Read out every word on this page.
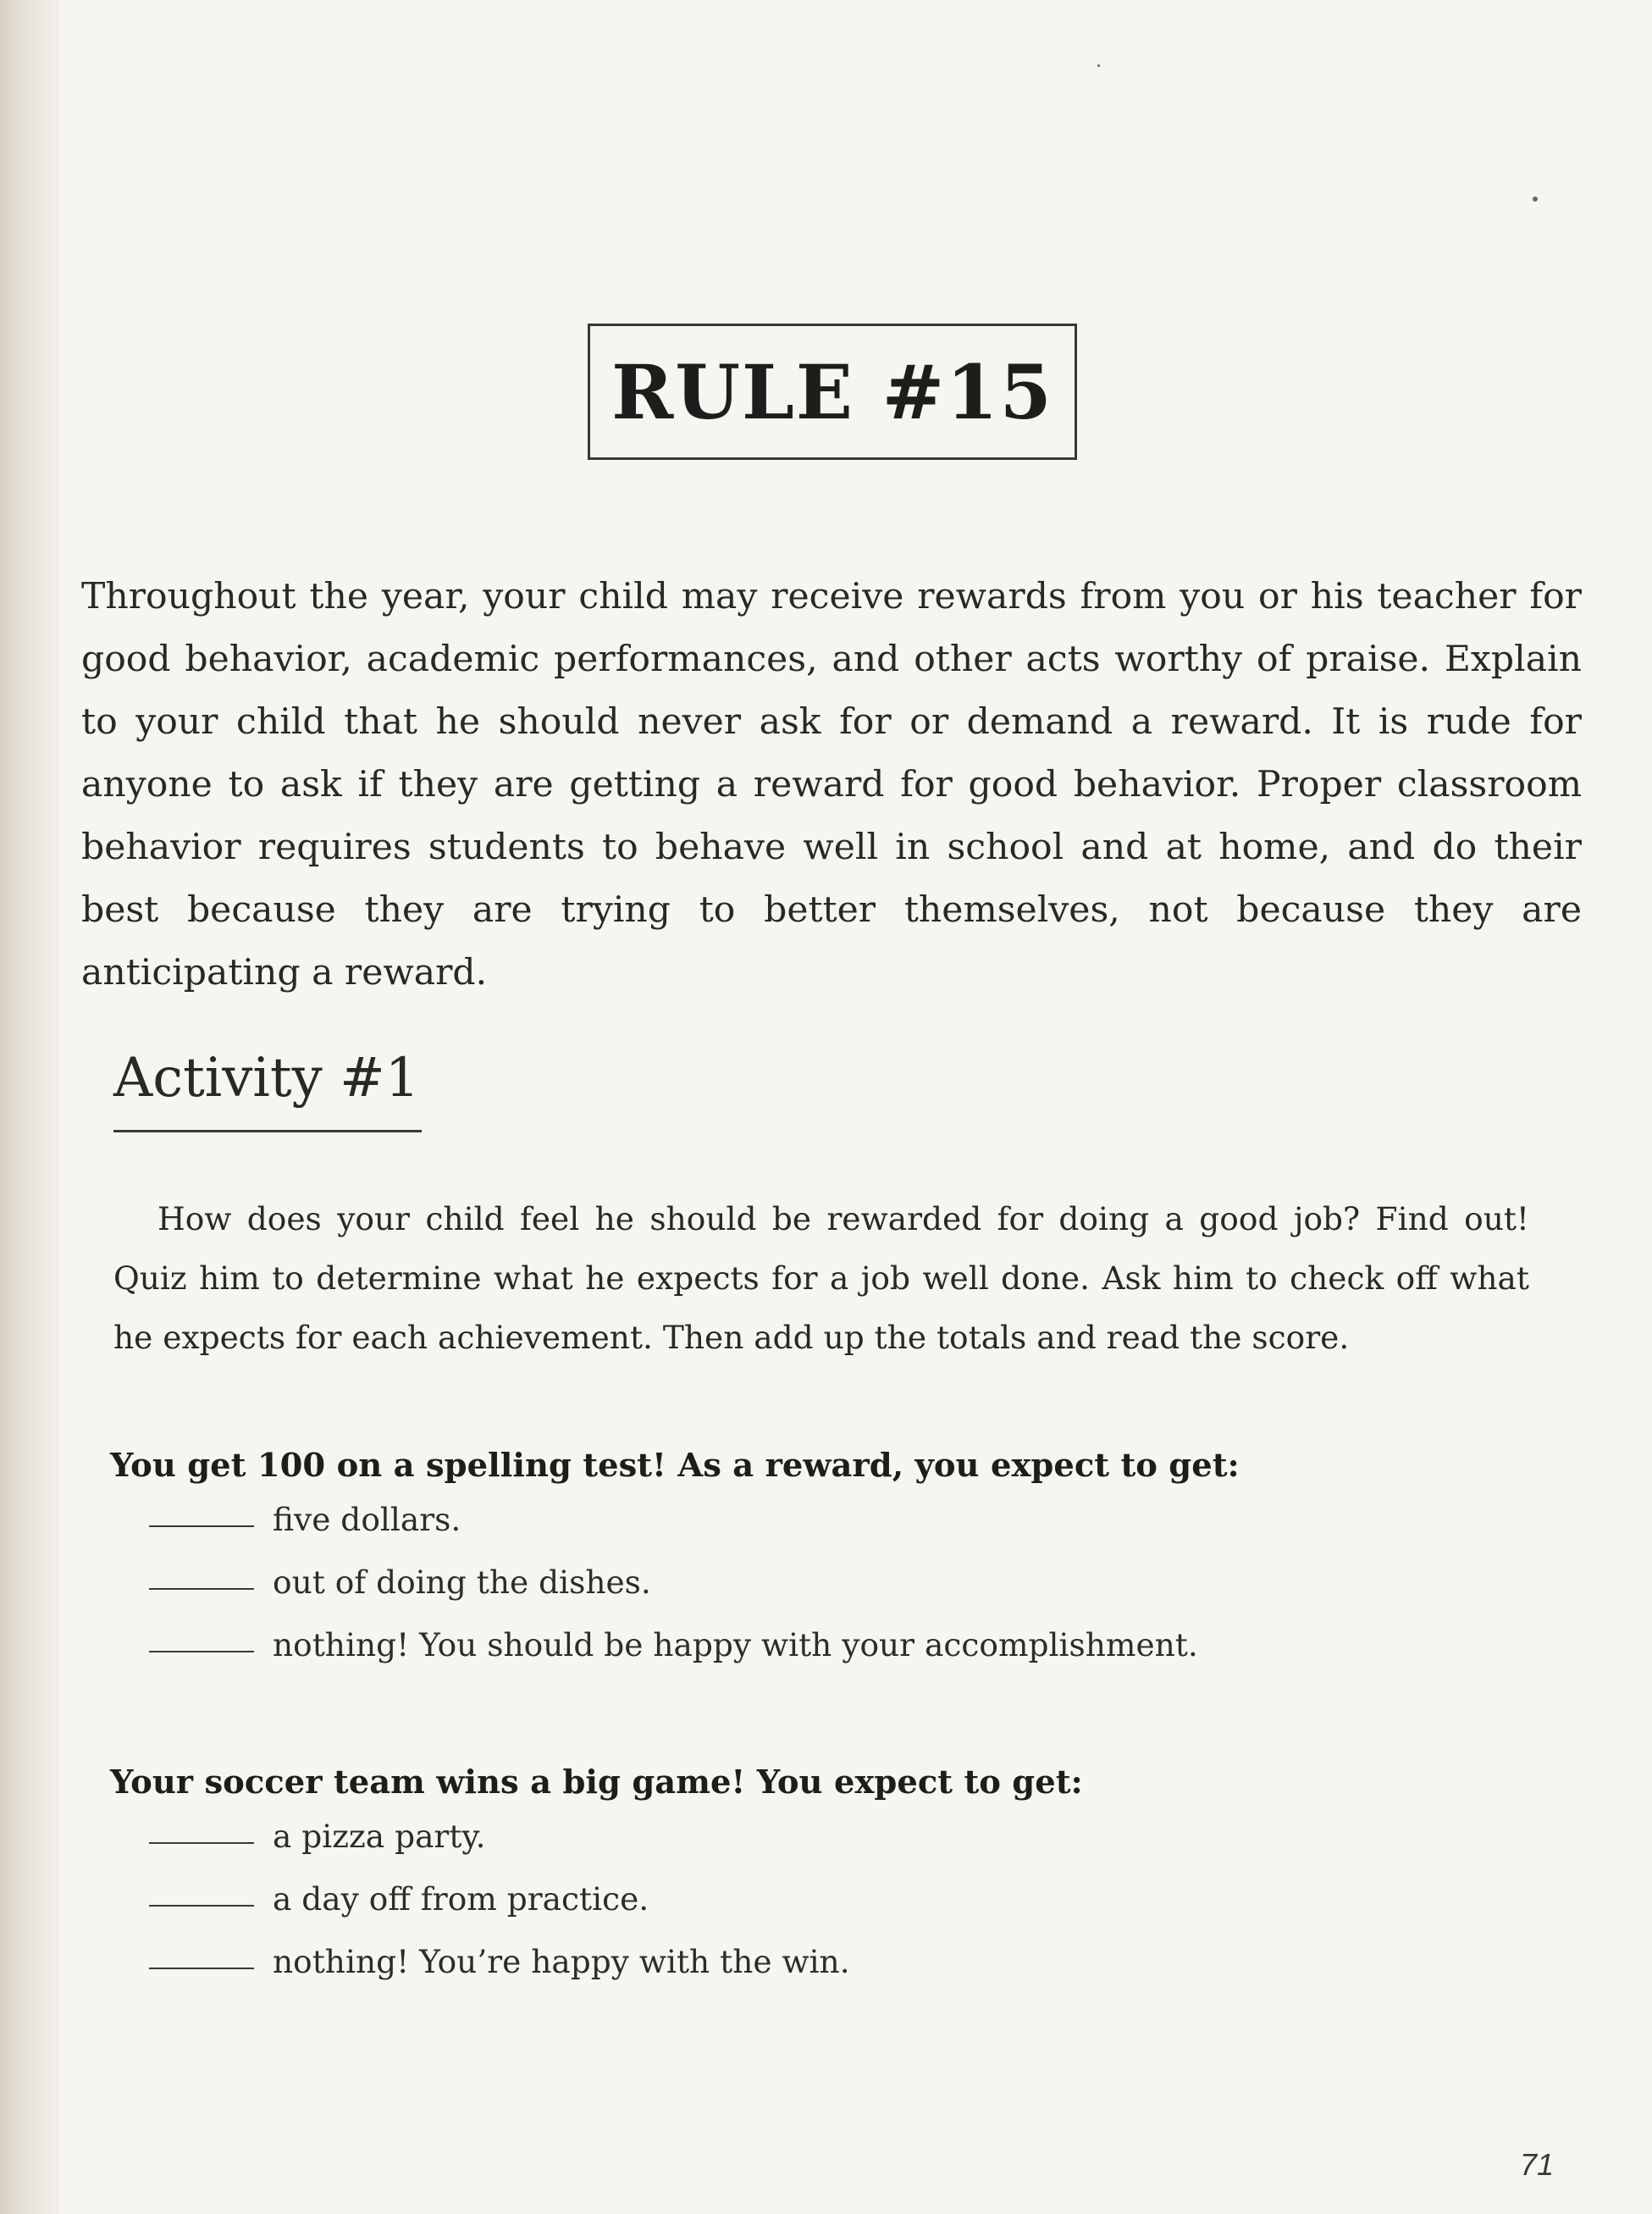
RULE #15

Throughout the year, your child may receive rewards from you or his teacher for good behavior, academic performances, and other acts worthy of praise. Explain to your child that he should never ask for or demand a reward. It is rude for anyone to ask if they are getting a reward for good behavior. Proper classroom behavior requires students to behave well in school and at home, and do their best because they are trying to better themselves, not because they are anticipating a reward.

Activity #1

How does your child feel he should be rewarded for doing a good job? Find out! Quiz him to determine what he expects for a job well done. Ask him to check off what he expects for each achievement. Then add up the totals and read the score.

You get 100 on a spelling test! As a reward, you expect to get:
five dollars.
out of doing the dishes.
nothing! You should be happy with your accomplishment.
Your soccer team wins a big game! You expect to get:
a pizza party.
a day off from practice.
nothing! You’re happy with the win.
71
